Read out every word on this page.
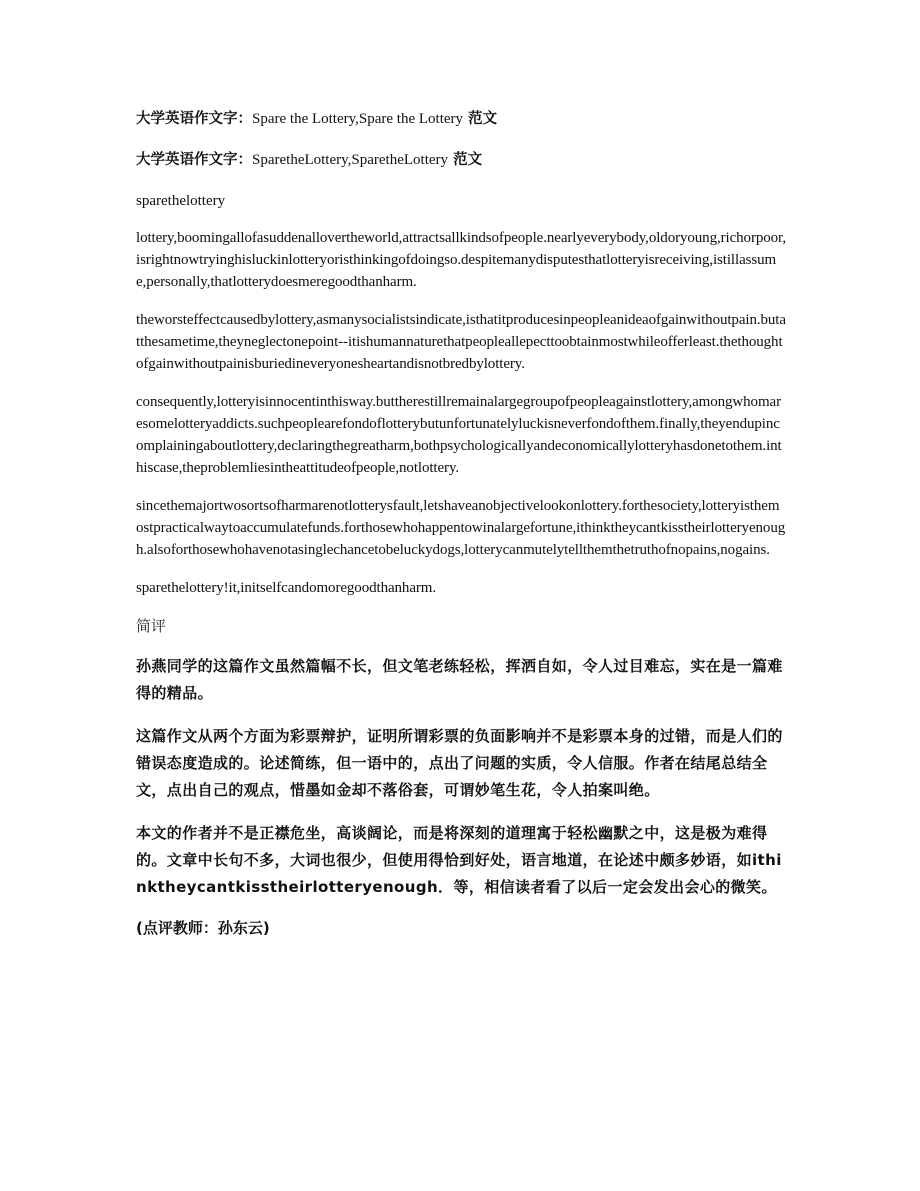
大学英语作文字：Spare the Lottery,Spare the Lottery 范文

大学英语作文字：SparetheLottery,SparetheLottery 范文

sparethelottery

lottery,boomingallofasuddenallovertheworld,attractsallkindsofpeople.nearlyeverybody,oldoryoung,richorpoor,isrightnowtryinghisluckinlotteryoristhinkingofdoingso.despitemanydisputesthatlotteryisreceiving,istillassume,personally,thatlotterydoesmeregoodthanharm.

theworsteffectcausedbylottery,asmanysocialistsindicate,isthatitproducesinpeopleanideaofgainwithoutpain.butatthesametime,theyneglectonepoint--itishumannaturethatpeopleallepecttoobtainmostwhileofferleast.thethoughtofgainwithoutpainisburiedineveryonesheartandisnotbredbylottery.

consequently,lotteryisinnocentinthisway.buttherestillremainalargegroupofpeopleagainstlottery,amongwhomaresomelotteryaddicts.suchpeoplearefondoflotterybutunfortunatelyluckisneverfondofthem.finally,theyendupincomplainingaboutlottery,declaringthegreatharm,bothpsychologicallyandeconomicallylotteryhasdonetothem.inthiscase,theproblemliesintheattitudeofpeople,notlottery.

sincethemajortwosortsofharmarenotlotterysfault,letshaveanobjectivelookonlottery.forthesociety,lotteryisthemostpracticalwaytoaccumulatefunds.forthosewhohappentowinalargefortune,ithinktheycantkisstheirlotteryenough.alsoforthosewhohavenotasinglechancetobeluckydogs,lotterycanmutelytellthemthetruthofnopains,nogains.

sparethelottery!it,initselfcandomoregoodthanharm.

简评

孙燕同学的这篇作文虽然篇幅不长，但文笔老练轻松，挥洒自如，令人过目难忘，实在是一篇难得的精品。

这篇作文从两个方面为彩票辩护，证明所谓彩票的负面影响并不是彩票本身的过错，而是人们的错误态度造成的。论述简练，但一语中的，点出了问题的实质，令人信服。作者在结尾总结全文，点出自己的观点，惜墨如金却不落俗套，可谓妙笔生花，令人拍案叫绝。

本文的作者并不是正襟危坐，高谈阔论，而是将深刻的道理寓于轻松幽默之中，这是极为难得的。文章中长句不多，大词也很少，但使用得恰到好处，语言地道，在论述中颇多妙语，如ithinktheycantkisstheirlotteryenough．等，相信读者看了以后一定会发出会心的微笑。

(点评教师：孙东云)
